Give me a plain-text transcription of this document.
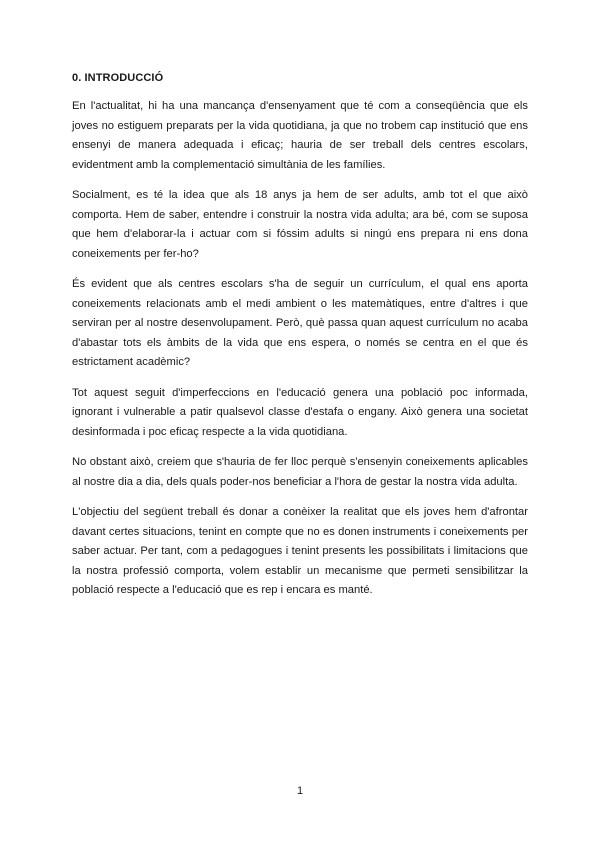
0. INTRODUCCIÓ

En l'actualitat, hi ha una mancança d'ensenyament que té com a conseqüència que els joves no estiguem preparats per la vida quotidiana, ja que no trobem cap institució que ens ensenyi de manera adequada i eficaç; hauria de ser treball dels centres escolars, evidentment amb la complementació simultània de les famílies.

Socialment, es té la idea que als 18 anys ja hem de ser adults, amb tot el que això comporta. Hem de saber, entendre i construir la nostra vida adulta; ara bé, com se suposa que hem d'elaborar-la i actuar com si fóssim adults si ningú ens prepara ni ens dona coneixements per fer-ho?

És evident que als centres escolars s'ha de seguir un currículum, el qual ens aporta coneixements relacionats amb el medi ambient o les matemàtiques, entre d'altres i que serviran per al nostre desenvolupament. Però, què passa quan aquest currículum no acaba d'abastar tots els àmbits de la vida que ens espera, o només se centra en el que és estrictament acadèmic?

Tot aquest seguit d'imperfeccions en l'educació genera una població poc informada, ignorant i vulnerable a patir qualsevol classe d'estafa o engany. Això genera una societat desinformada i poc eficaç respecte a la vida quotidiana.

No obstant això, creiem que s'hauria de fer lloc perquè s'ensenyin coneixements aplicables al nostre dia a dia, dels quals poder-nos beneficiar a l'hora de gestar la nostra vida adulta.

L'objectiu del següent treball és donar a conèixer la realitat que els joves hem d'afrontar davant certes situacions, tenint en compte que no es donen instruments i coneixements per saber actuar. Per tant, com a pedagogues i tenint presents les possibilitats i limitacions que la nostra professió comporta, volem establir un mecanisme que permeti sensibilitzar la població respecte a l'educació que es rep i encara es manté.

1
